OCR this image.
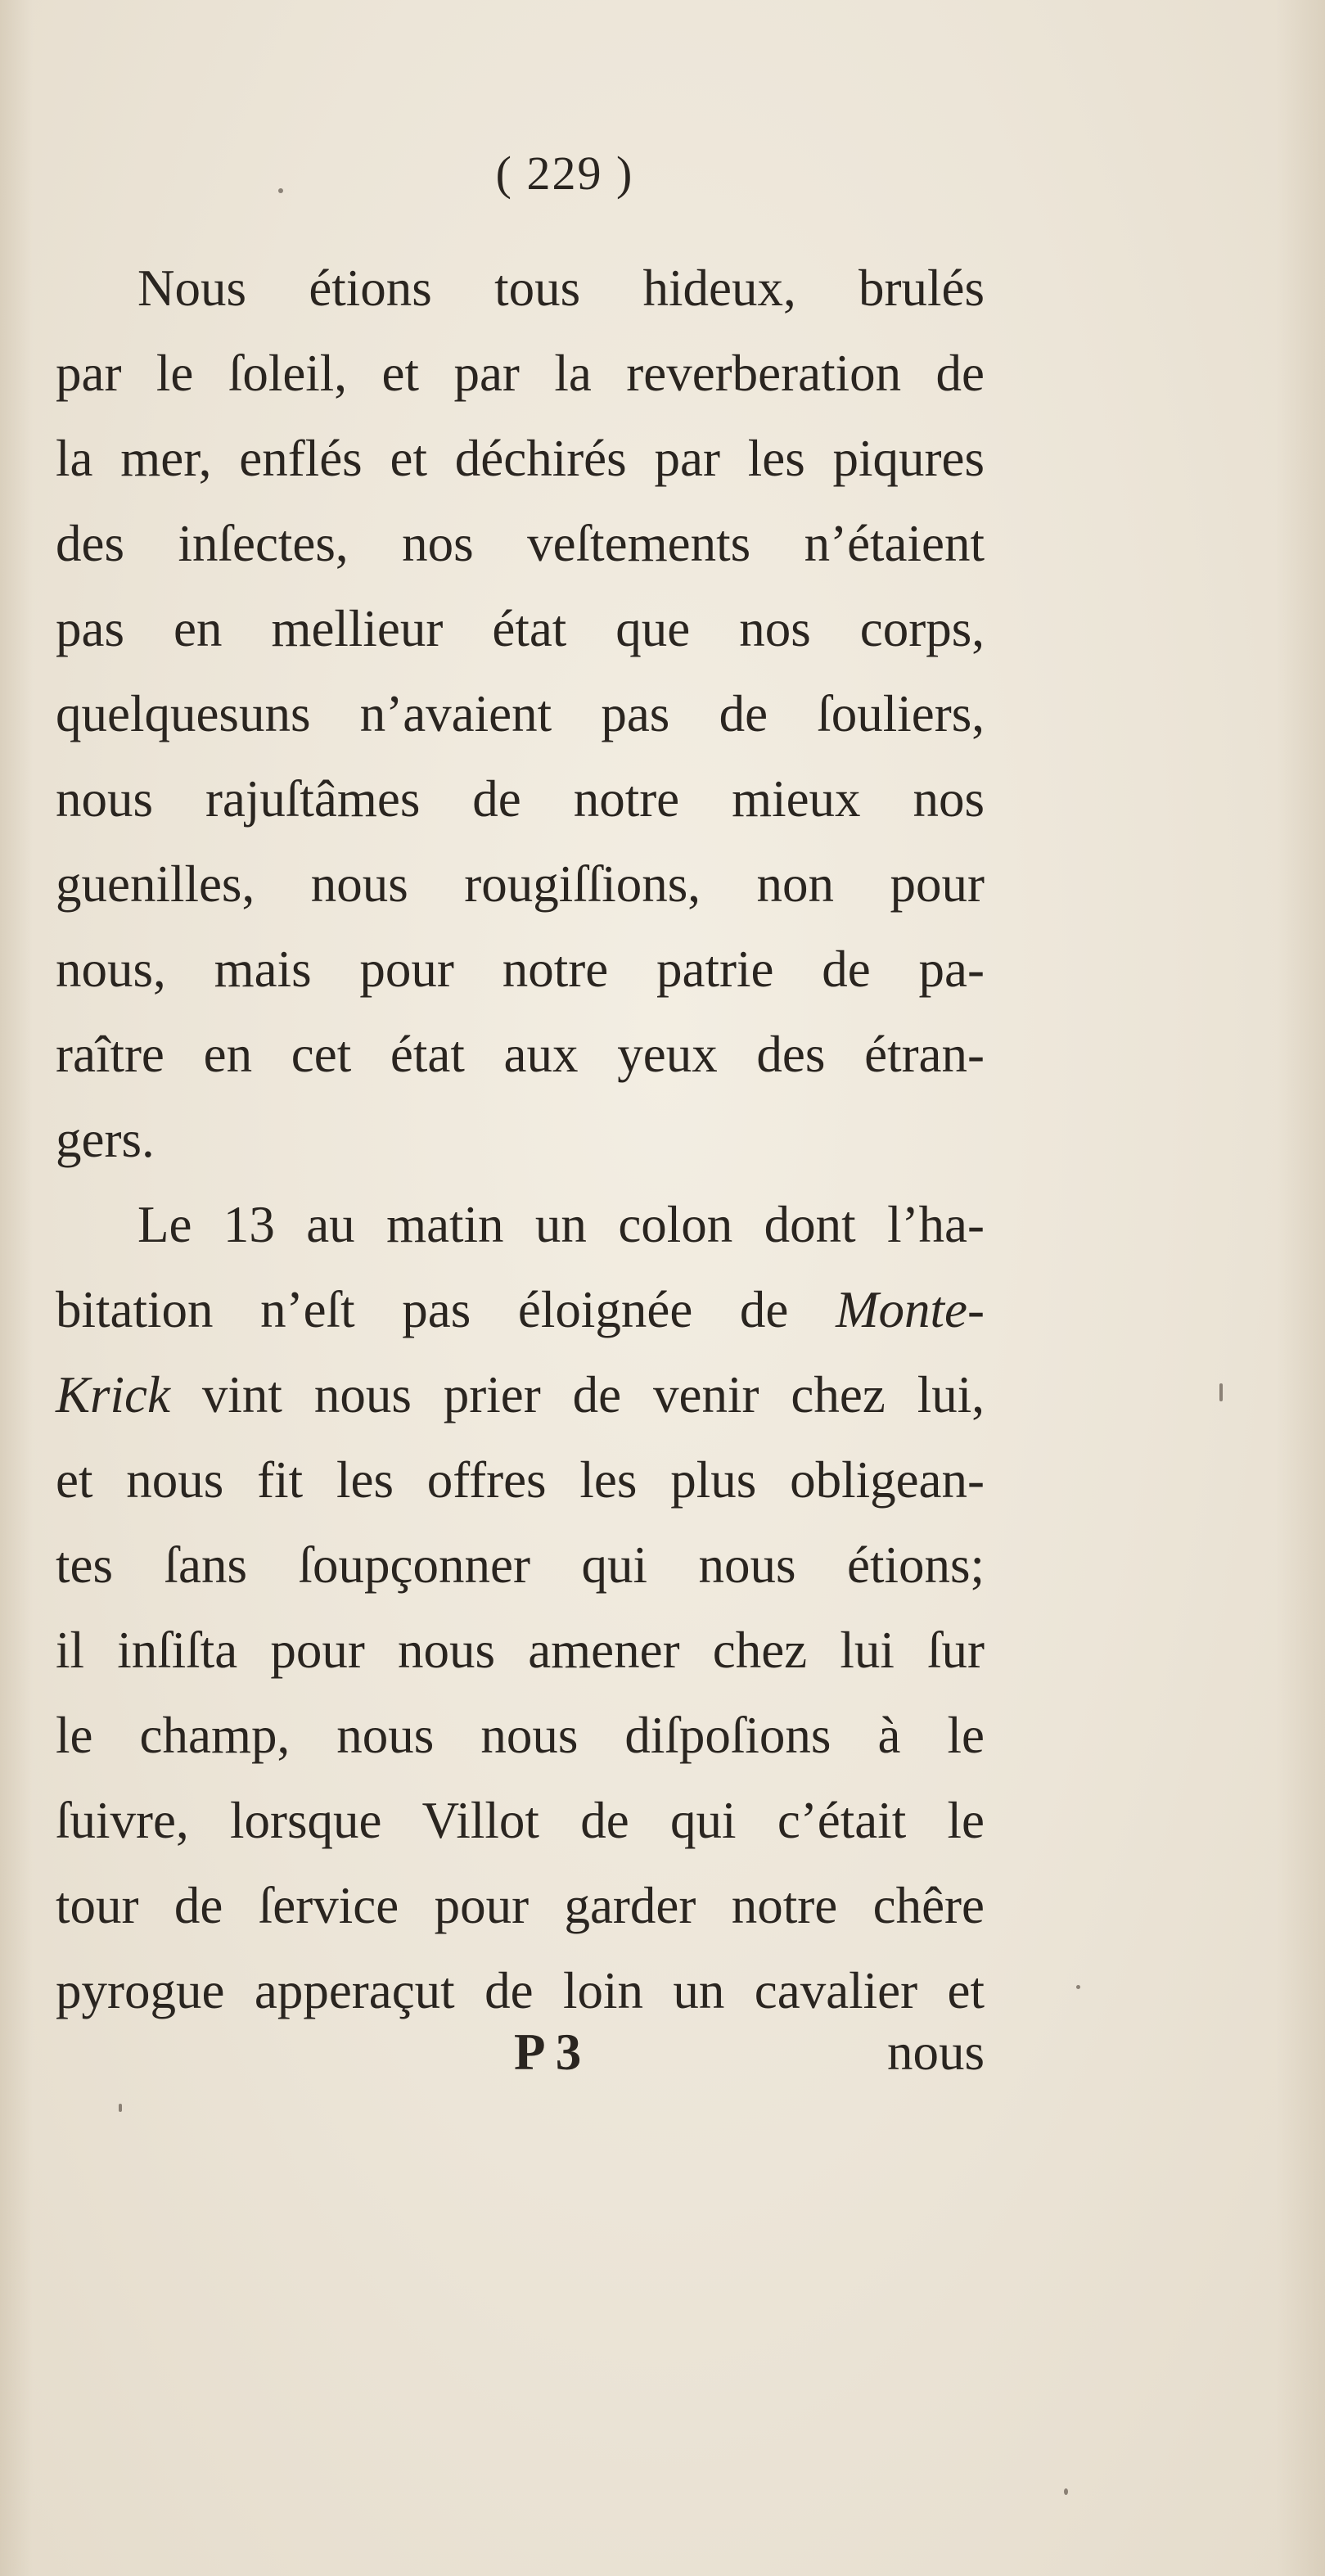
( 229 )
Nous étions tous hideux, brulés
par le ſoleil, et par la reverberation de
la mer, enflés et déchirés par les piqures
des inſectes, nos veſtements n’étaient
pas en mellieur état que nos corps,
quelquesuns n’avaient pas de ſouliers,
nous rajuſtâmes de notre mieux nos
guenilles, nous rougiſſions, non pour
nous, mais pour notre patrie de pa-
raître en cet état aux yeux des étran-
gers.
Le 13 au matin un colon dont l’ha-
bitation n’eſt pas éloignée de Monte-
Krick vint nous prier de venir chez lui,
et nous fit les offres les plus obligean-
tes ſans ſoupçonner qui nous étions;
il inſiſta pour nous amener chez lui ſur
le champ, nous nous diſpoſions à le
ſuivre, lorsque Villot de qui c’était le
tour de ſervice pour garder notre chêre
pyrogue apperaçut de loin un cavalier et
P 3	nous
